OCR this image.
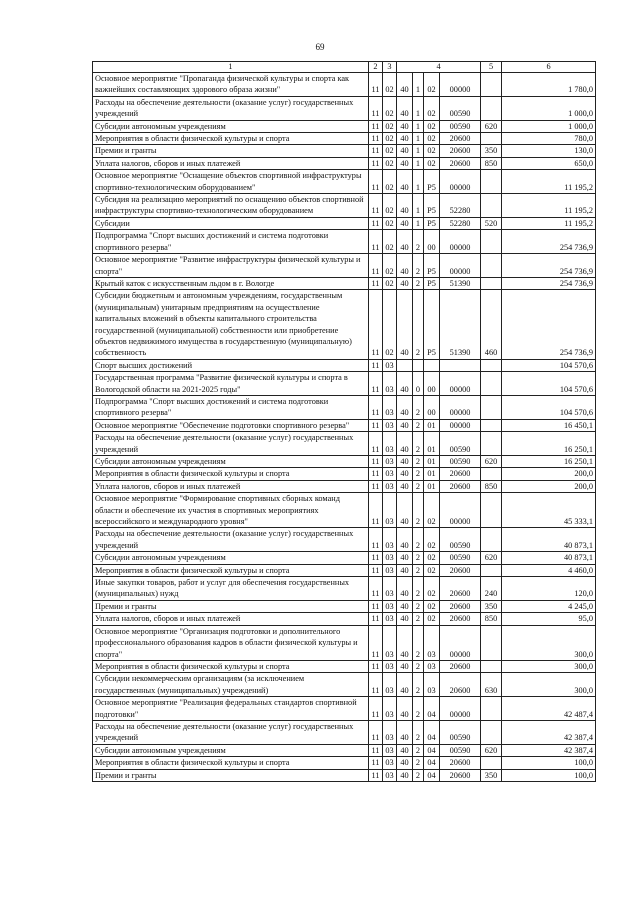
69
1	2	3	4				5	6
Основное мероприятие "Пропаганда физической культуры и спорта как важнейших составляющих здорового образа жизни"	11	02	40	1	02	00000		1 780,0
Расходы на обеспечение деятельности (оказание услуг) государственных учреждений	11	02	40	1	02	00590		1 000,0
Субсидии автономным учреждениям	11	02	40	1	02	00590	620	1 000,0
Мероприятия в области физической культуры и спорта	11	02	40	1	02	20600		780,0
Премии и гранты	11	02	40	1	02	20600	350	130,0
Уплата налогов, сборов и иных платежей	11	02	40	1	02	20600	850	650,0
Основное мероприятие "Оснащение объектов спортивной инфраструктуры спортивно-технологическим оборудованием"	11	02	40	1	P5	00000		11 195,2
Субсидия на реализацию мероприятий по оснащению объектов спортивной инфраструктуры спортивно-технологическим оборудованием	11	02	40	1	P5	52280		11 195,2
Субсидии	11	02	40	1	P5	52280	520	11 195,2
Подпрограмма "Спорт высших достижений и система подготовки спортивного резерва"	11	02	40	2	00	00000		254 736,9
Основное мероприятие "Развитие инфраструктуры физической культуры и спорта"	11	02	40	2	P5	00000		254 736,9
Крытый каток с искусственным льдом в г. Вологде	11	02	40	2	P5	51390		254 736,9
Субсидии бюджетным и автономным учреждениям, государственным (муниципальным) унитарным предприятиям на осуществление капитальных вложений в объекты капитального строительства государственной (муниципальной) собственности или приобретение объектов недвижимого имущества в государственную (муниципальную) собственность	11	02	40	2	P5	51390	460	254 736,9
Спорт высших достижений	11	03						104 570,6
Государственная программа "Развитие физической культуры и спорта в Вологодской области на 2021-2025 годы"	11	03	40	0	00	00000		104 570,6
Подпрограмма "Спорт высших достижений и система подготовки спортивного резерва"	11	03	40	2	00	00000		104 570,6
Основное мероприятие "Обеспечение подготовки спортивного резерва"	11	03	40	2	01	00000		16 450,1
Расходы на обеспечение деятельности (оказание услуг) государственных учреждений	11	03	40	2	01	00590		16 250,1
Субсидии автономным учреждениям	11	03	40	2	01	00590	620	16 250,1
Мероприятия в области физической культуры и спорта	11	03	40	2	01	20600		200,0
Уплата налогов, сборов и иных платежей	11	03	40	2	01	20600	850	200,0
Основное мероприятие "Формирование спортивных сборных команд области и обеспечение их участия в спортивных мероприятиях всероссийского и международного уровня"	11	03	40	2	02	00000		45 333,1
Расходы на обеспечение деятельности (оказание услуг) государственных учреждений	11	03	40	2	02	00590		40 873,1
Субсидии автономным учреждениям	11	03	40	2	02	00590	620	40 873,1
Мероприятия в области физической культуры и спорта	11	03	40	2	02	20600		4 460,0
Иные закупки товаров, работ и услуг для обеспечения государственных (муниципальных) нужд	11	03	40	2	02	20600	240	120,0
Премии и гранты	11	03	40	2	02	20600	350	4 245,0
Уплата налогов, сборов и иных платежей	11	03	40	2	02	20600	850	95,0
Основное мероприятие "Организация подготовки и дополнительного профессионального образования кадров в области физической культуры и спорта"	11	03	40	2	03	00000		300,0
Мероприятия в области физической культуры и спорта	11	03	40	2	03	20600		300,0
Субсидии некоммерческим организациям (за исключением государственных (муниципальных) учреждений)	11	03	40	2	03	20600	630	300,0
Основное мероприятие "Реализация федеральных стандартов спортивной подготовки"	11	03	40	2	04	00000		42 487,4
Расходы на обеспечение деятельности (оказание услуг) государственных учреждений	11	03	40	2	04	00590		42 387,4
Субсидии автономным учреждениям	11	03	40	2	04	00590	620	42 387,4
Мероприятия в области физической культуры и спорта	11	03	40	2	04	20600		100,0
Премии и гранты	11	03	40	2	04	20600	350	100,0
